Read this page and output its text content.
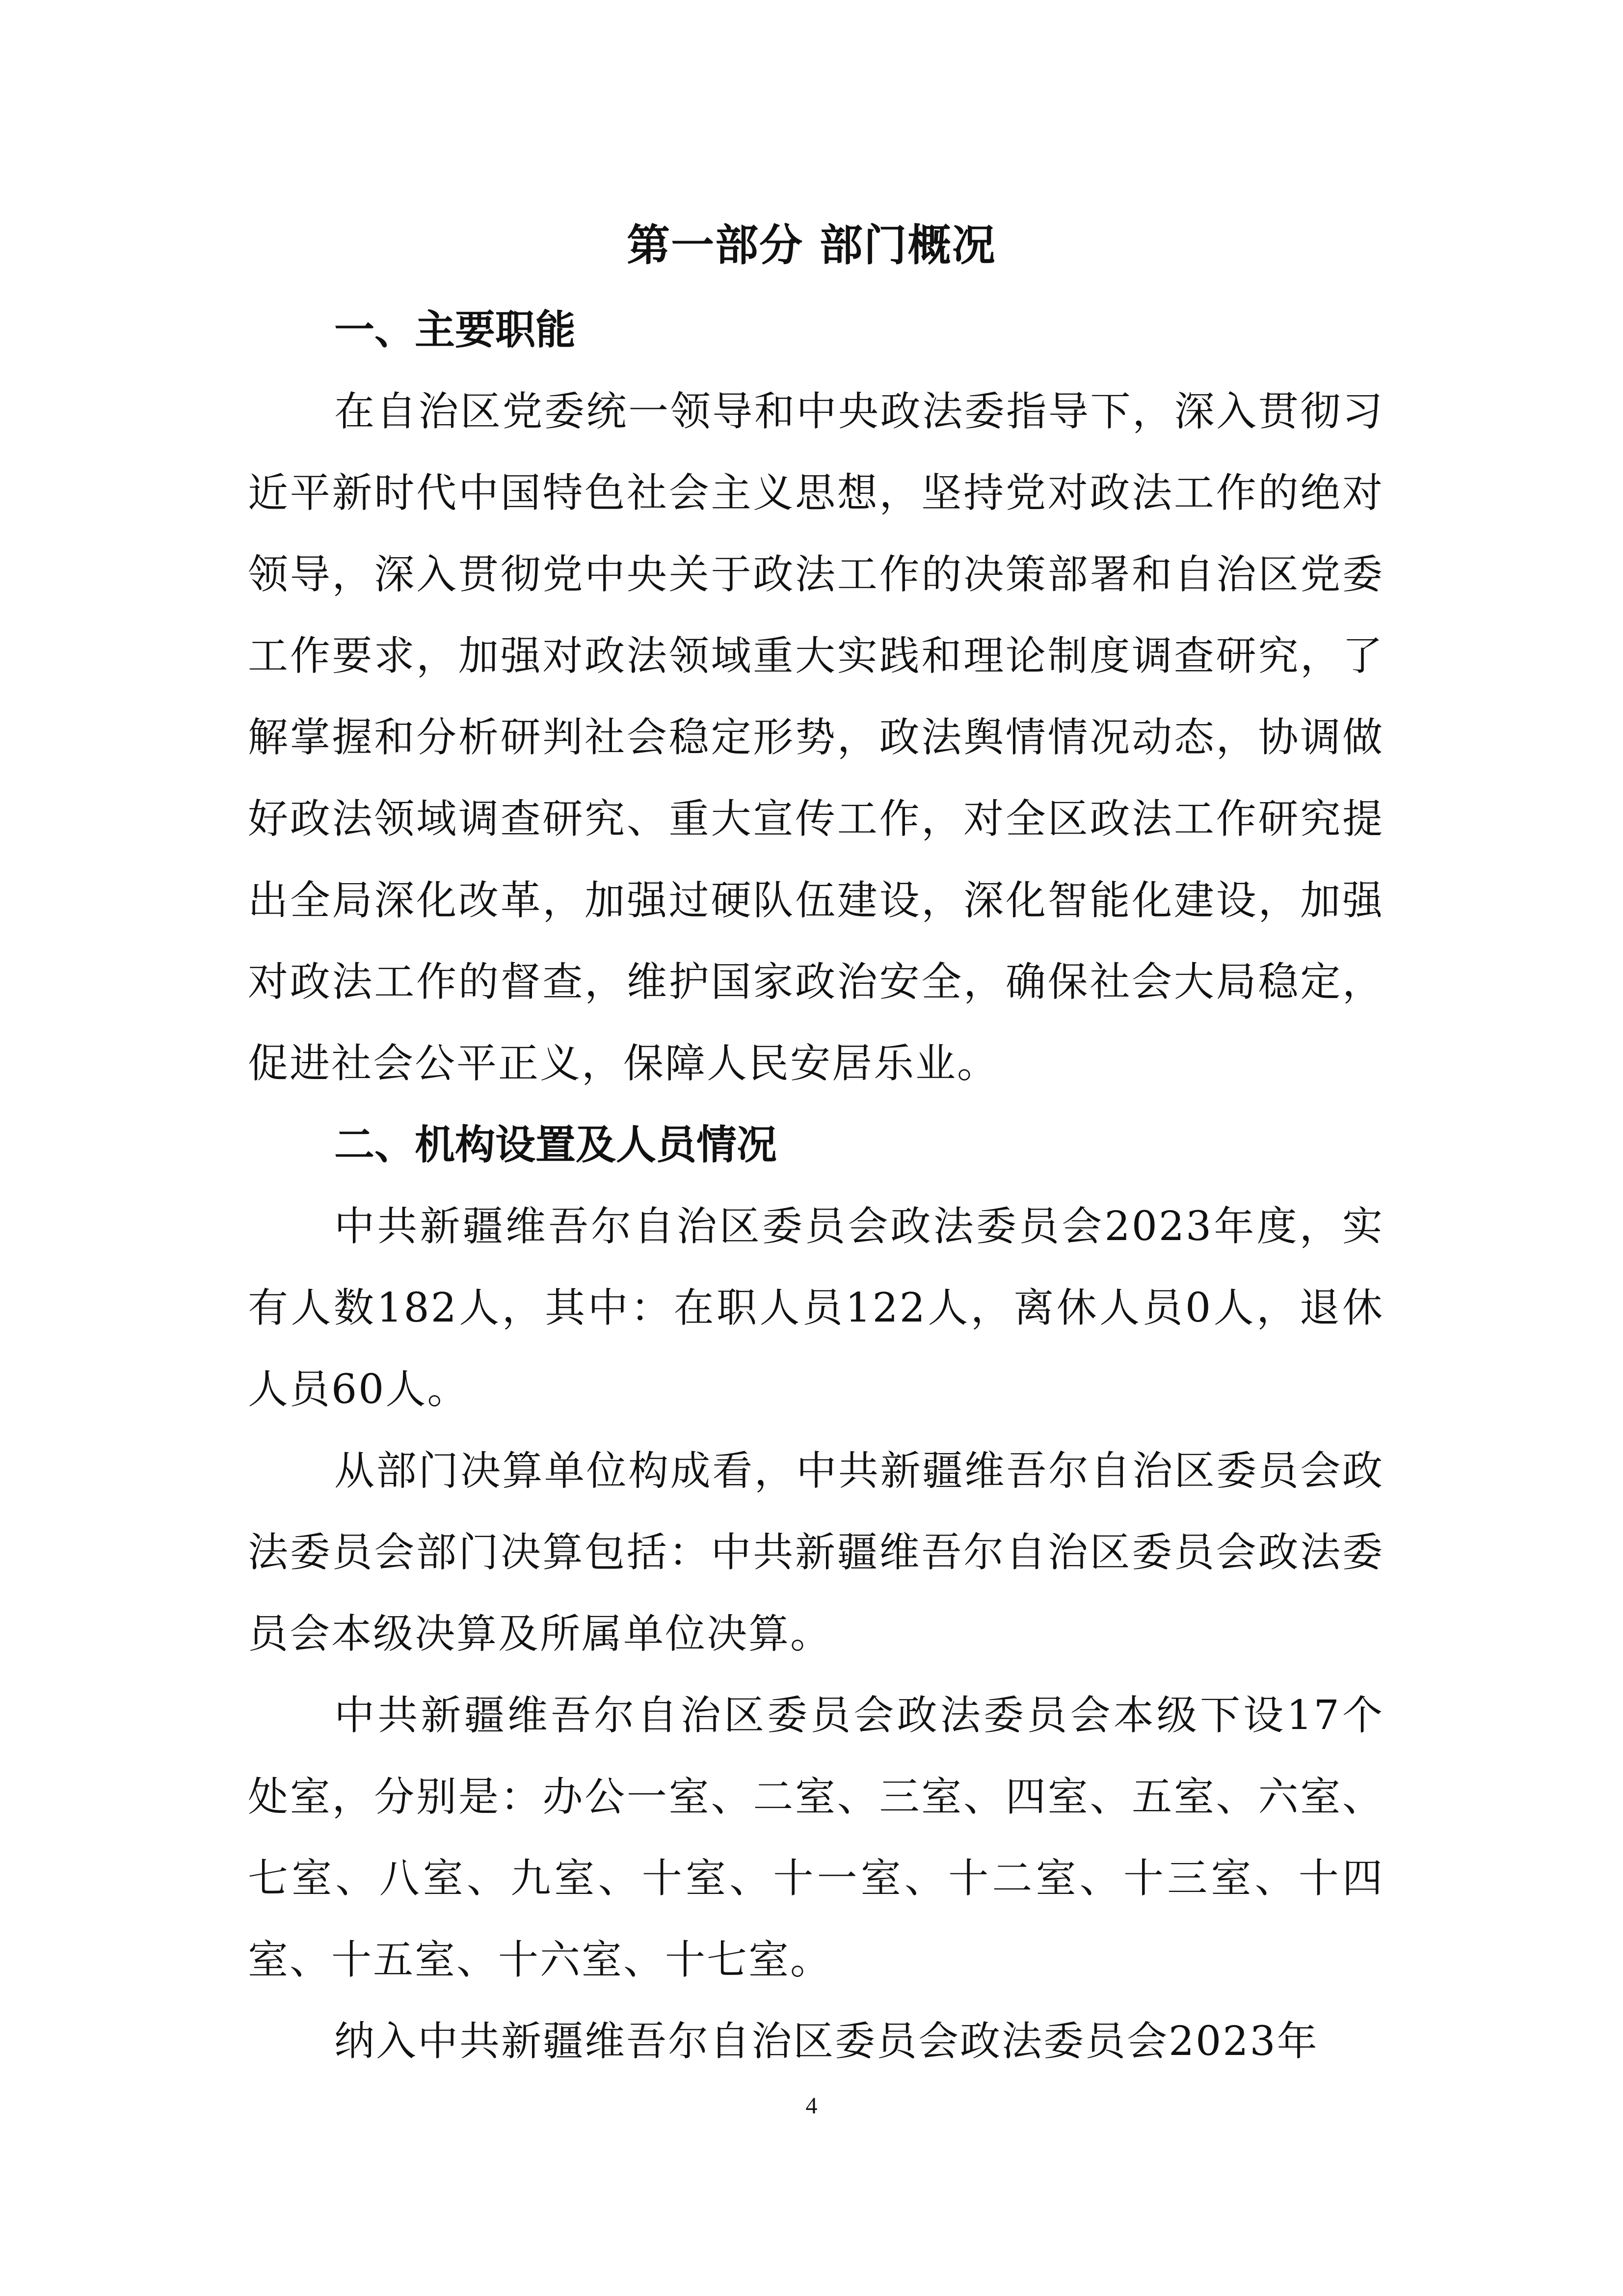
第一部分 部门概况
一、主要职能

在自治区党委统一领导和中央政法委指导下，深入贯彻习近平新时代中国特色社会主义思想，坚持党对政法工作的绝对领导，深入贯彻党中央关于政法工作的决策部署和自治区党委工作要求，加强对政法领域重大实践和理论制度调查研究，了解掌握和分析研判社会稳定形势，政法舆情情况动态，协调做好政法领域调查研究、重大宣传工作，对全区政法工作研究提出全局深化改革，加强过硬队伍建设，深化智能化建设，加强对政法工作的督查，维护国家政治安全，确保社会大局稳定，促进社会公平正义，保障人民安居乐业。

二、机构设置及人员情况

中共新疆维吾尔自治区委员会政法委员会2023年度，实有人数182人，其中：在职人员122人，离休人员0人，退休人员60人。

从部门决算单位构成看，中共新疆维吾尔自治区委员会政法委员会部门决算包括：中共新疆维吾尔自治区委员会政法委员会本级决算及所属单位决算。

中共新疆维吾尔自治区委员会政法委员会本级下设17个处室，分别是：办公一室、二室、三室、四室、五室、六室、七室、八室、九室、十室、十一室、十二室、十三室、十四室、十五室、十六室、十七室。

纳入中共新疆维吾尔自治区委员会政法委员会2023年

4
